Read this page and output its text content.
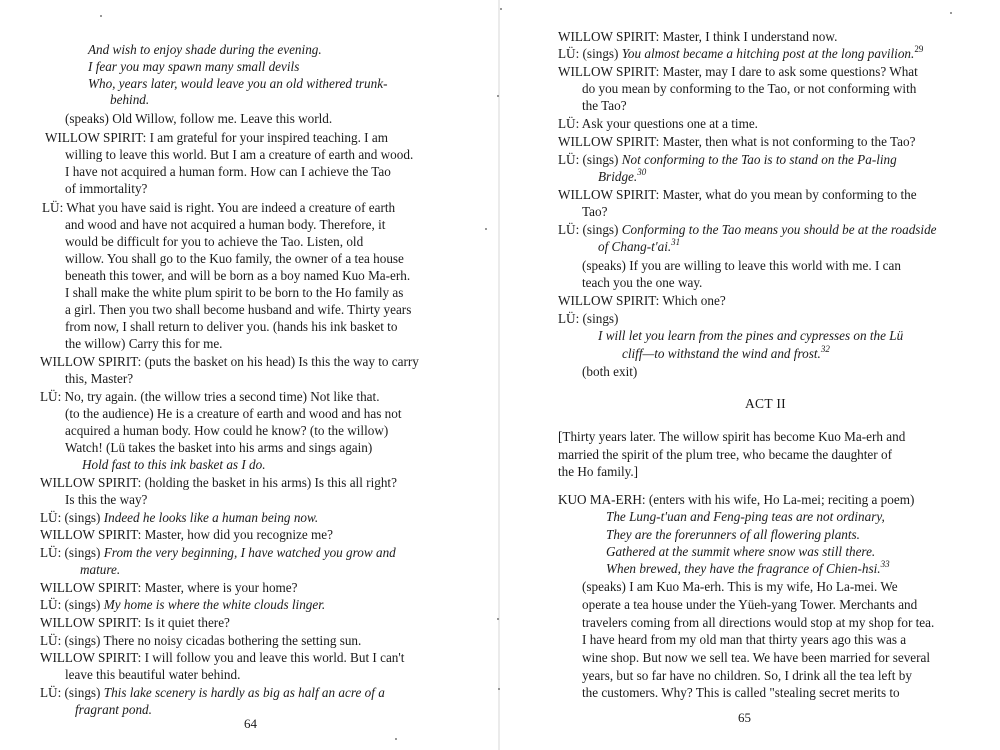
And wish to enjoy shade during the evening.
I fear you may spawn many small devils
Who, years later, would leave you an old withered trunk-
behind.
(speaks) Old Willow, follow me. Leave this world.
WILLOW SPIRIT: I am grateful for your inspired teaching. I am
willing to leave this world. But I am a creature of earth and wood.
I have not acquired a human form. How can I achieve the Tao
of immortality?
LÜ: What you have said is right. You are indeed a creature of earth
and wood and have not acquired a human body. Therefore, it
would be difficult for you to achieve the Tao. Listen, old
willow. You shall go to the Kuo family, the owner of a tea house
beneath this tower, and will be born as a boy named Kuo Ma-erh.
I shall make the white plum spirit to be born to the Ho family as
a girl. Then you two shall become husband and wife. Thirty years
from now, I shall return to deliver you. (hands his ink basket to
the willow) Carry this for me.
WILLOW SPIRIT: (puts the basket on his head) Is this the way to carry
this, Master?
LÜ: No, try again. (the willow tries a second time) Not like that.
(to the audience) He is a creature of earth and wood and has not
acquired a human body. How could he know? (to the willow)
Watch! (Lü takes the basket into his arms and sings again)
Hold fast to this ink basket as I do.
WILLOW SPIRIT: (holding the basket in his arms) Is this all right?
Is this the way?
LÜ: (sings) Indeed he looks like a human being now.
WILLOW SPIRIT: Master, how did you recognize me?
LÜ: (sings) From the very beginning, I have watched you grow and
mature.
WILLOW SPIRIT: Master, where is your home?
LÜ: (sings) My home is where the white clouds linger.
WILLOW SPIRIT: Is it quiet there?
LÜ: (sings) There no noisy cicadas bothering the setting sun.
WILLOW SPIRIT: I will follow you and leave this world. But I can't
leave this beautiful water behind.
LÜ: (sings) This lake scenery is hardly as big as half an acre of a
fragrant pond.
WILLOW SPIRIT: Master, I think I understand now.
LÜ: (sings) You almost became a hitching post at the long pavilion.$^{29}$
WILLOW SPIRIT: Master, may I dare to ask some questions? What
do you mean by conforming to the Tao, or not conforming with
the Tao?
LÜ: Ask your questions one at a time.
WILLOW SPIRIT: Master, then what is not conforming to the Tao?
LÜ: (sings) Not conforming to the Tao is to stand on the Pa-ling
Bridge.$^{30}$
WILLOW SPIRIT: Master, what do you mean by conforming to the
Tao?
LÜ: (sings) Conforming to the Tao means you should be at the roadside
of Chang-t'ai.$^{31}$
(speaks) If you are willing to leave this world with me. I can
teach you the one way.
WILLOW SPIRIT: Which one?
LÜ: (sings)
I will let you learn from the pines and cypresses on the Lü
cliff—to withstand the wind and frost.$^{32}$
(both exit)
ACT II
[Thirty years later. The willow spirit has become Kuo Ma-erh and
married the spirit of the plum tree, who became the daughter of
the Ho family.]
KUO MA-ERH: (enters with his wife, Ho La-mei; reciting a poem)
The Lung-t'uan and Feng-ping teas are not ordinary,
They are the forerunners of all flowering plants.
Gathered at the summit where snow was still there.
When brewed, they have the fragrance of Chien-hsi.$^{33}$
(speaks) I am Kuo Ma-erh. This is my wife, Ho La-mei. We
operate a tea house under the Yüeh-yang Tower. Merchants and
travelers coming from all directions would stop at my shop for tea.
I have heard from my old man that thirty years ago this was a
wine shop. But now we sell tea. We have been married for several
years, but so far have no children. So, I drink all the tea left by
the customers. Why? This is called "stealing secret merits to
64	65
